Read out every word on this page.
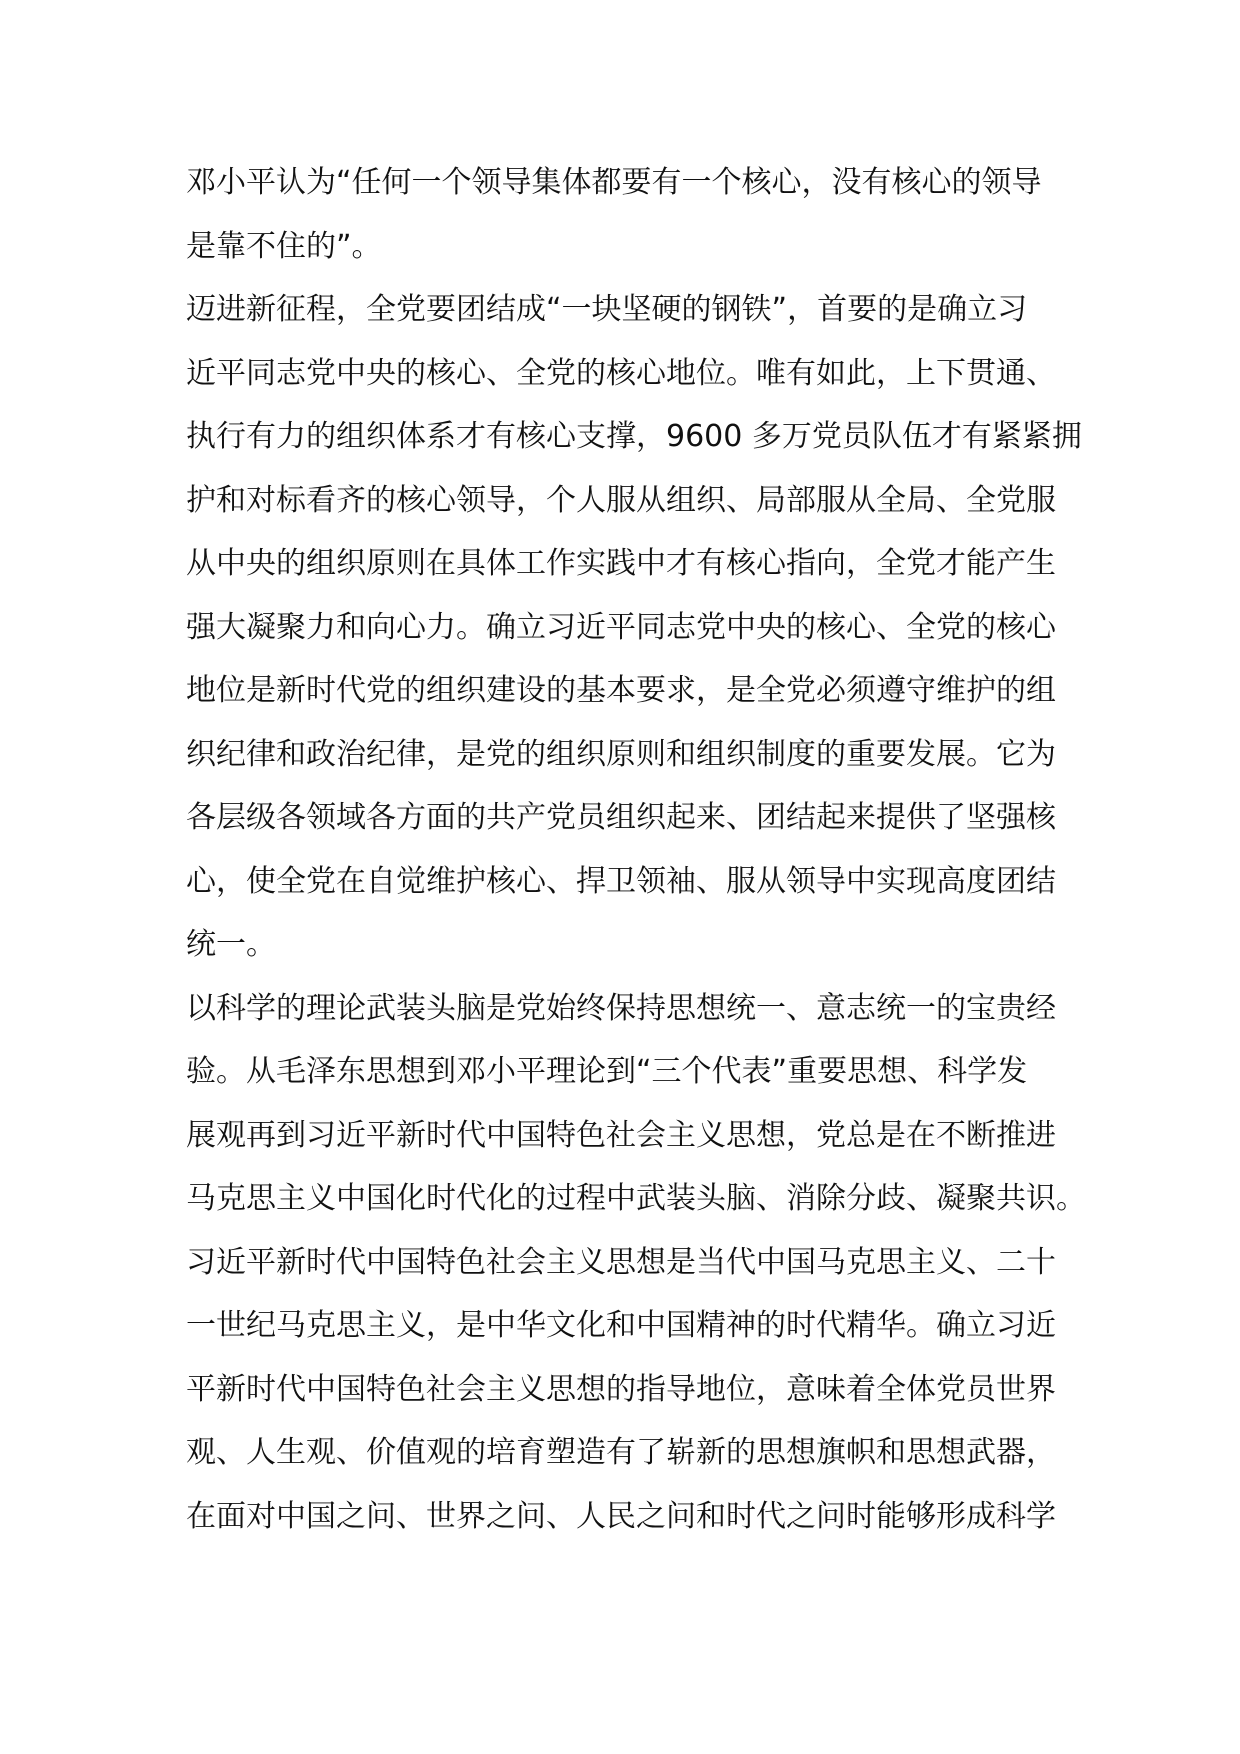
邓小平认为“任何一个领导集体都要有一个核心，没有核心的领导
是靠不住的”。
迈进新征程，全党要团结成“一块坚硬的钢铁”，首要的是确立习
近平同志党中央的核心、全党的核心地位。唯有如此，上下贯通、
执行有力的组织体系才有核心支撑，9600 多万党员队伍才有紧紧拥
护和对标看齐的核心领导，个人服从组织、局部服从全局、全党服
从中央的组织原则在具体工作实践中才有核心指向，全党才能产生
强大凝聚力和向心力。确立习近平同志党中央的核心、全党的核心
地位是新时代党的组织建设的基本要求，是全党必须遵守维护的组
织纪律和政治纪律，是党的组织原则和组织制度的重要发展。它为
各层级各领域各方面的共产党员组织起来、团结起来提供了坚强核
心，使全党在自觉维护核心、捍卫领袖、服从领导中实现高度团结
统一。
以科学的理论武装头脑是党始终保持思想统一、意志统一的宝贵经
验。从毛泽东思想到邓小平理论到“三个代表”重要思想、科学发
展观再到习近平新时代中国特色社会主义思想，党总是在不断推进
马克思主义中国化时代化的过程中武装头脑、消除分歧、凝聚共识。
习近平新时代中国特色社会主义思想是当代中国马克思主义、二十
一世纪马克思主义，是中华文化和中国精神的时代精华。确立习近
平新时代中国特色社会主义思想的指导地位，意味着全体党员世界
观、人生观、价值观的培育塑造有了崭新的思想旗帜和思想武器，
在面对中国之问、世界之问、人民之问和时代之问时能够形成科学
